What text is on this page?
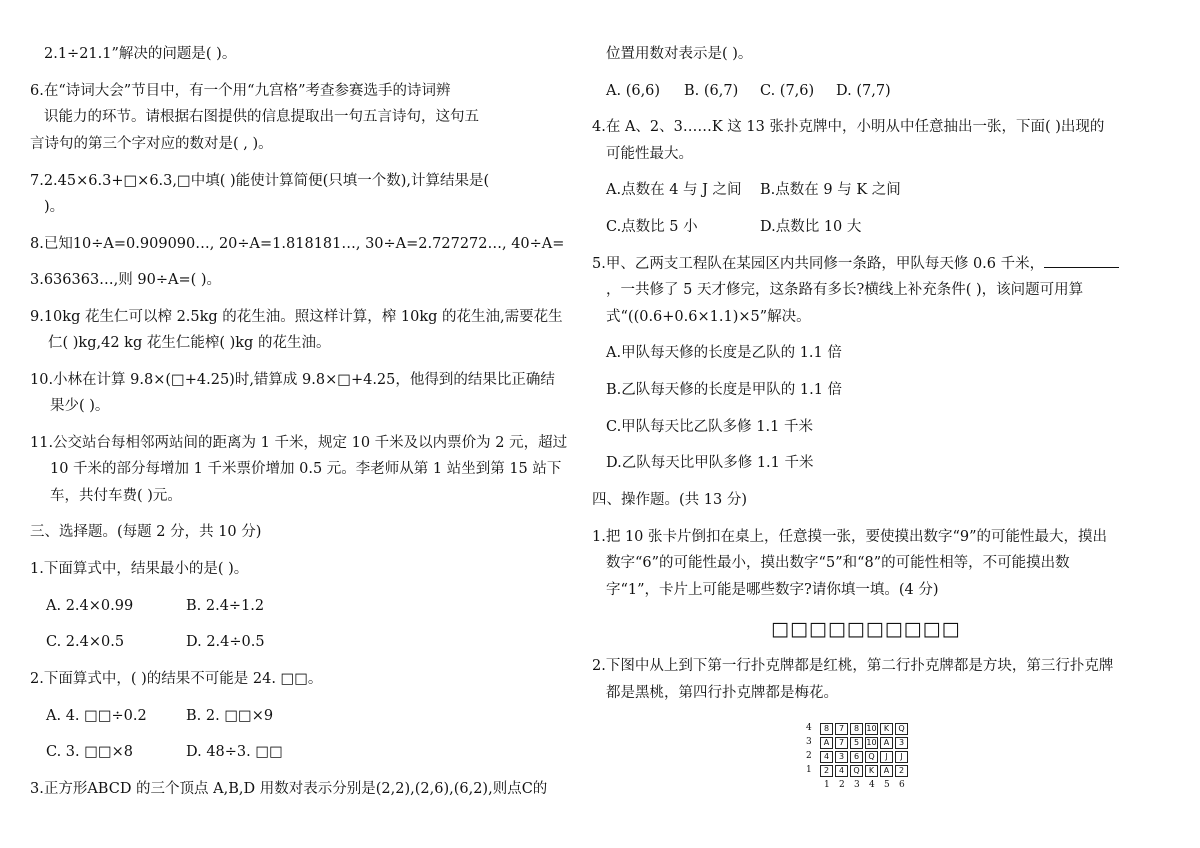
2.1÷21.1”解决的问题是( )。
6.在“诗词大会”节目中，有一个用“九宫格”考查参赛选手的诗词辨
识能力的环节。请根据右图提供的信息提取出一句五言诗句，这句五
言诗句的第三个字对应的数对是( , )。
7.2.45×6.3+□×6.3,□中填( )能使计算简便(只填一个数),计算结果是(
)。
8.已知10÷A=0.909090…, 20÷A=1.818181…, 30÷A=2.727272…, 40÷A=
3.636363…,则 90÷A=( )。
9.10kg 花生仁可以榨 2.5kg 的花生油。照这样计算，榨 10kg 的花生油,需要花生
仁( )kg,42 kg 花生仁能榨( )kg 的花生油。
10.小林在计算 9.8×(□+4.25)时,错算成 9.8×□+4.25，他得到的结果比正确结
果少( )。
11.公交站台每相邻两站间的距离为 1 千米，规定 10 千米及以内票价为 2 元，超过
10 千米的部分每增加 1 千米票价增加 0.5 元。李老师从第 1 站坐到第 15 站下
车，共付车费( )元。
三、选择题。(每题 2 分，共 10 分)
1.下面算式中，结果最小的是( )。
A. 2.4×0.99	B. 2.4÷1.2
C. 2.4×0.5	D. 2.4÷0.5
2.下面算式中，( )的结果不可能是 24. □□。
A. 4. □□÷0.2	B. 2. □□×9
C. 3. □□×8	D. 48÷3. □□
3.正方形ABCD 的三个顶点 A,B,D 用数对表示分别是(2,2),(2,6),(6,2),则点C的
位置用数对表示是( )。
A. (6,6) B. (6,7) C. (7,6) D. (7,7)
4.在 A、2、3……K 这 13 张扑克牌中，小明从中任意抽出一张，下面( )出现的
可能性最大。
A.点数在 4 与 J 之间 B.点数在 9 与 K 之间
C.点数比 5 小	D.点数比 10 大
5.甲、乙两支工程队在某园区内共同修一条路，甲队每天修 0.6 千米，
，一共修了 5 天才修完，这条路有多长?横线上补充条件( )，该问题可用算
式“((0.6+0.6×1.1)×5”解决。
A.甲队每天修的长度是乙队的 1.1 倍
B.乙队每天修的长度是甲队的 1.1 倍
C.甲队每天比乙队多修 1.1 千米
D.乙队每天比甲队多修 1.1 千米
四、操作题。(共 13 分)
1.把 10 张卡片倒扣在桌上，任意摸一张，要使摸出数字“9”的可能性最大，摸出
数字“6”的可能性最小，摸出数字“5”和“8”的可能性相等，不可能摸出数
字“1”，卡片上可能是哪些数字?请你填一填。(4 分)
□□□□□□□□□□
2.下图中从上到下第一行扑克牌都是红桃，第二行扑克牌都是方块，第三行扑克牌
都是黑桃，第四行扑克牌都是梅花。
4	8 7 8 10 K Q
3	A 7 5 10 A 3
2	4 3 6 Q J J
1	2 4 Q K A 2
1 2 3 4 5 6
